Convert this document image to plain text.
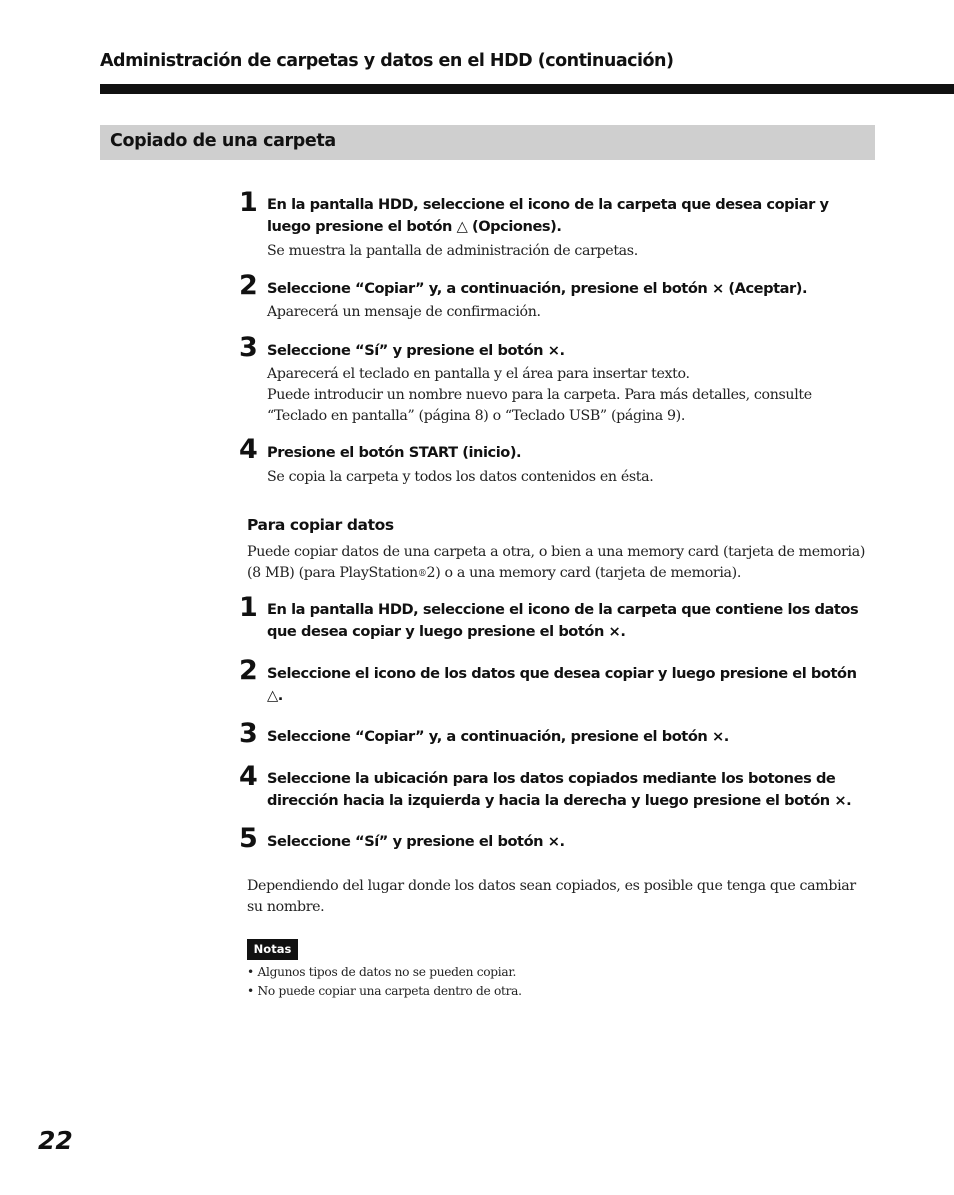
Administración de carpetas y datos en el HDD (continuación)
Copiado de una carpeta
1 En la pantalla HDD, seleccione el icono de la carpeta que desea copiar y luego presione el botón △ (Opciones).
Se muestra la pantalla de administración de carpetas.
2 Seleccione “Copiar” y, a continuación, presione el botón × (Aceptar).
Aparecerá un mensaje de confirmación.
3 Seleccione “Sí” y presione el botón ×.
Aparecerá el teclado en pantalla y el área para insertar texto.
Puede introducir un nombre nuevo para la carpeta. Para más detalles, consulte “Teclado en pantalla” (página 8) o “Teclado USB” (página 9).
4 Presione el botón START (inicio).
Se copia la carpeta y todos los datos contenidos en ésta.
Para copiar datos
Puede copiar datos de una carpeta a otra, o bien a una memory card (tarjeta de memoria) (8 MB) (para PlayStation®2) o a una memory card (tarjeta de memoria).
1 En la pantalla HDD, seleccione el icono de la carpeta que contiene los datos que desea copiar y luego presione el botón ×.
2 Seleccione el icono de los datos que desea copiar y luego presione el botón △.
3 Seleccione “Copiar” y, a continuación, presione el botón ×.
4 Seleccione la ubicación para los datos copiados mediante los botones de dirección hacia la izquierda y hacia la derecha y luego presione el botón ×.
5 Seleccione “Sí” y presione el botón ×.
Dependiendo del lugar donde los datos sean copiados, es posible que tenga que cambiar su nombre.
Notas
• Algunos tipos de datos no se pueden copiar.
• No puede copiar una carpeta dentro de otra.
22
